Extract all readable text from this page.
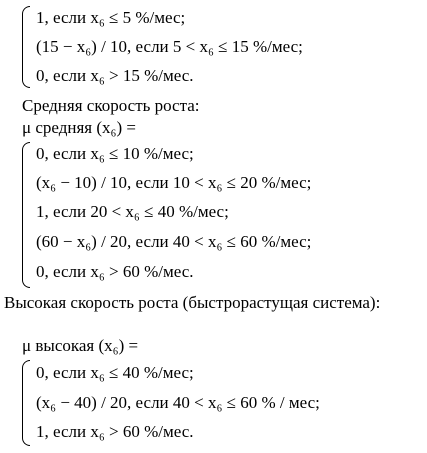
1, если x₆ ≤ 5 %/мес;
(15 − x₆) / 10, если 5 < x₆ ≤ 15 %/мес;
0, если x₆ > 15 %/мес.
Средняя скорость роста:
μ средняя (x₆) =
0, если x₆ ≤ 10 %/мес;
(x₆ − 10) / 10, если 10 < x₆ ≤ 20 %/мес;
1, если 20 < x₆ ≤ 40 %/мес;
(60 − x₆) / 20, если 40 < x₆ ≤ 60 %/мес;
0, если x₆ > 60 %/мес.
Высокая скорость роста (быстрорастущая система):
μ высокая (x₆) =
0, если x₆ ≤ 40 %/мес;
(x₆ − 40) / 20, если 40 < x₆ ≤ 60 % / мес;
1, если x₆ > 60 %/мес.
